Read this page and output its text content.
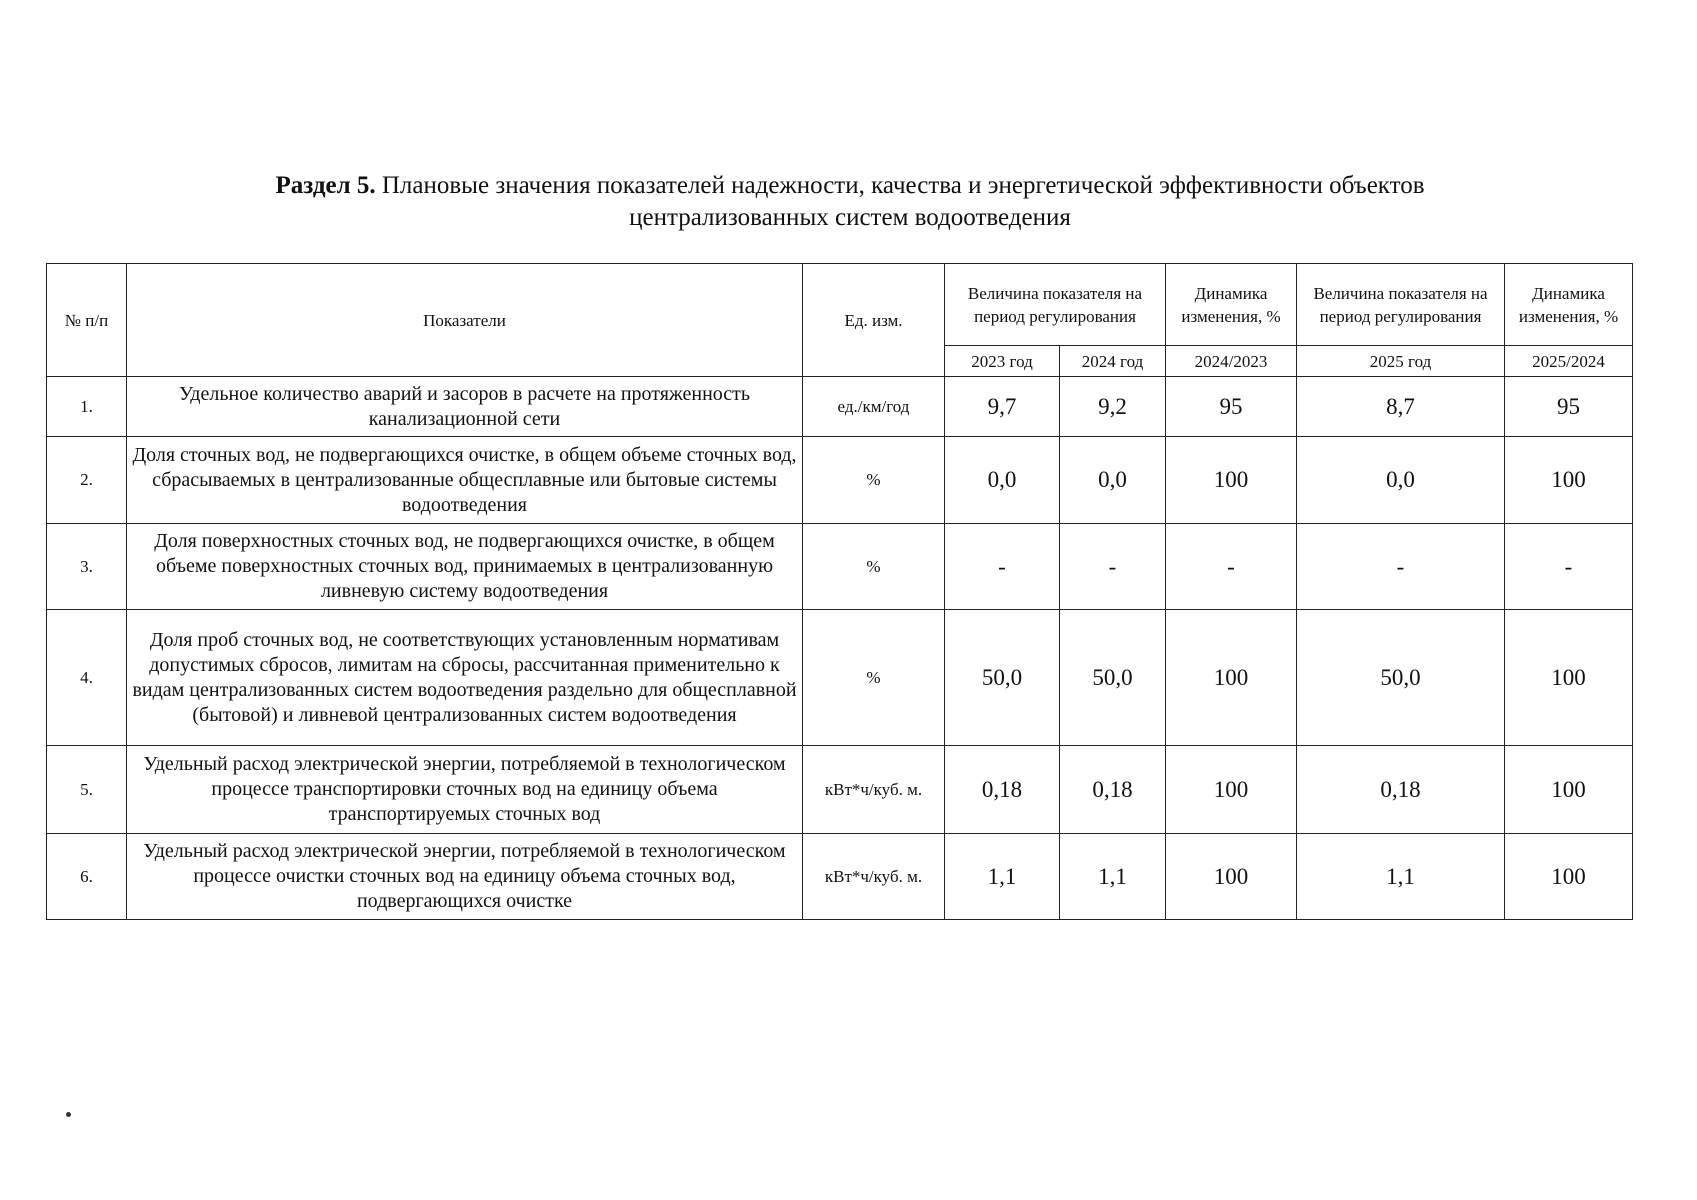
Раздел 5. Плановые значения показателей надежности, качества и энергетической эффективности объектов
централизованных систем водоотведения
№ п/п	Показатели	Ед. изм.	Величина показателя на период регулирования		Динамика изменения, %	Величина показателя на период регулирования	Динамика изменения, %
			2023 год	2024 год	2024/2023	2025 год	2025/2024
1.	Удельное количество аварий и засоров в расчете на протяженность канализационной сети	ед./км/год	9,7	9,2	95	8,7	95
2.	Доля сточных вод, не подвергающихся очистке, в общем объеме сточных вод, сбрасываемых в централизованные общесплавные или бытовые системы водоотведения	%	0,0	0,0	100	0,0	100
3.	Доля поверхностных сточных вод, не подвергающихся очистке, в общем объеме поверхностных сточных вод, принимаемых в централизованную ливневую систему водоотведения	%	-	-	-	-	-
4.	Доля проб сточных вод, не соответствующих установленным нормативам допустимых сбросов, лимитам на сбросы, рассчитанная применительно к видам централизованных систем водоотведения раздельно для общесплавной (бытовой) и ливневой централизованных систем водоотведения	%	50,0	50,0	100	50,0	100
5.	Удельный расход электрической энергии, потребляемой в технологическом процессе транспортировки сточных вод на единицу объема транспортируемых сточных вод	кВт*ч/куб. м.	0,18	0,18	100	0,18	100
6.	Удельный расход электрической энергии, потребляемой в технологическом процессе очистки сточных вод на единицу объема сточных вод, подвергающихся очистке	кВт*ч/куб. м.	1,1	1,1	100	1,1	100
